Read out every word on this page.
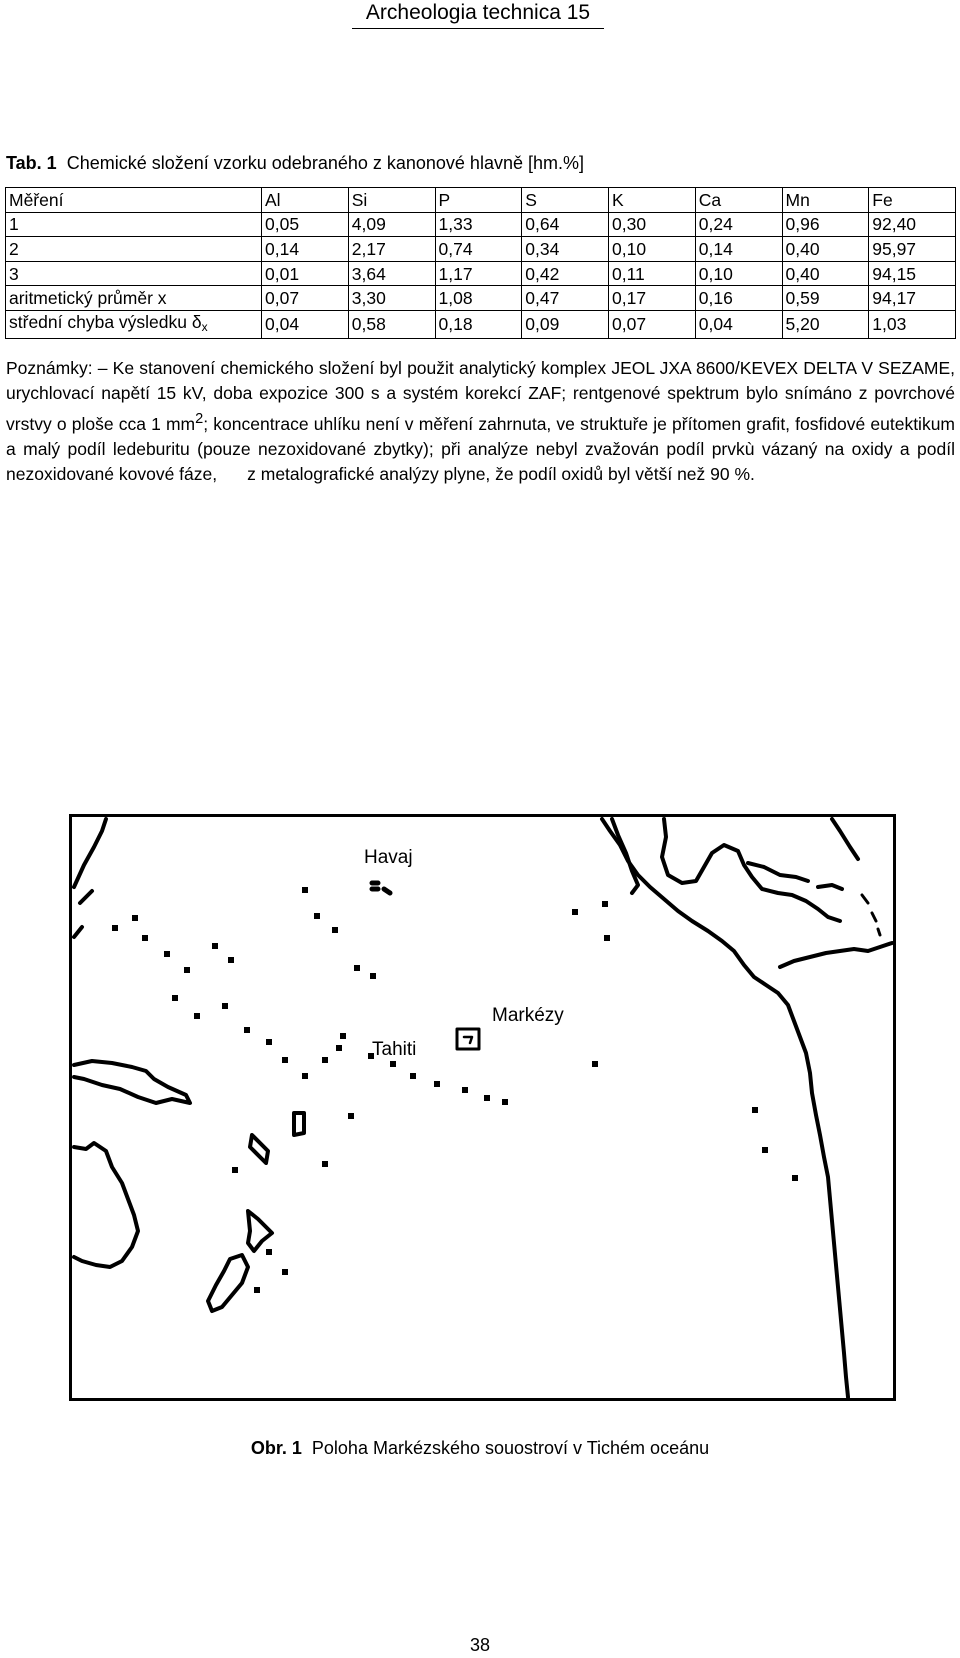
Archeologia technica 15
Tab. 1 Chemické složení vzorku odebraného z kanonové hlavně [hm.%]
Měření	Al	Si	P	S	K	Ca	Mn	Fe
1	0,05	4,09	1,33	0,64	0,30	0,24	0,96	92,40
2	0,14	2,17	0,74	0,34	0,10	0,14	0,40	95,97
3	0,01	3,64	1,17	0,42	0,11	0,10	0,40	94,15
aritmetický průměr x	0,07	3,30	1,08	0,47	0,17	0,16	0,59	94,17
střední chyba výsledku $\delta_x$	0,04	0,58	0,18	0,09	0,07	0,04	5,20	1,03

Poznámky: – Ke stanovení chemického složení byl použit analytický komplex JEOL JXA 8600/KEVEX DELTA V SEZAME, urychlovací napětí 15 kV, doba expozice 300 s a systém korekcí ZAF; rentgenové spektrum bylo snímáno z povrchové vrstvy o ploše cca 1 $mm^2$; koncentrace uhlíku není v měření zahrnuta, ve struktuře je přítomen grafit, fosfidové eutektikum a malý podíl ledeburitu (pouze nezoxidované zbytky); při analýze nebyl zvažován podíl prvkù vázaný na oxidy a podíl nezoxidované kovové fáze, z metalografické analýzy plyne, že podíl oxidů byl větší než 90 %.

Havaj
Tahiti
Markézy
Obr. 1 Poloha Markézského souostroví v Tichém oceánu
38
